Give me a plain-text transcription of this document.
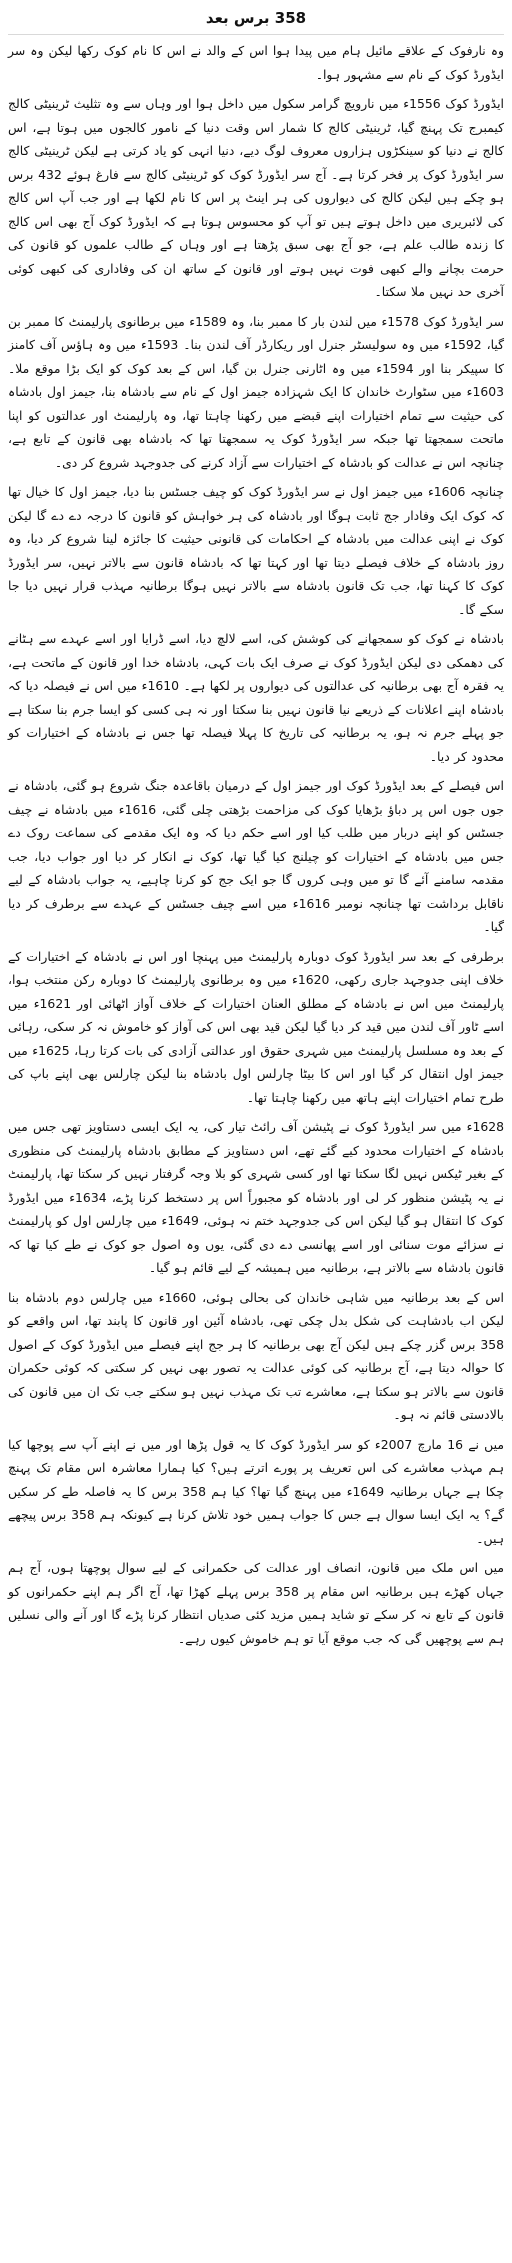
358 برس بعد

وہ نارفوک کے علاقے مائیل ہام میں پیدا ہوا اس کے والد نے اس کا نام کوک رکھا لیکن وہ سر ایڈورڈ کوک کے نام سے مشہور ہوا۔

ایڈورڈ کوک 1556ء میں نارویچ گرامر سکول میں داخل ہوا اور وہاں سے وہ تثلیث ٹرینیٹی کالج کیمبرج تک پہنچ گیا، ٹرینیٹی کالج کا شمار اس وقت دنیا کے نامور کالجوں میں ہوتا ہے، اس کالج نے دنیا کو سینکڑوں ہزاروں معروف لوگ دیے، دنیا انہی کو یاد کرتی ہے لیکن ٹرینیٹی کالج سر ایڈورڈ کوک پر فخر کرتا ہے۔ آج سر ایڈورڈ کوک کو ٹرینیٹی کالج سے فارغ ہوئے 432 برس ہو چکے ہیں لیکن کالج کی دیواروں کی ہر اینٹ پر اس کا نام لکھا ہے اور جب آپ اس کالج کی لائبریری میں داخل ہوتے ہیں تو آپ کو محسوس ہوتا ہے کہ ایڈورڈ کوک آج بھی اس کالج کا زندہ طالب علم ہے، جو آج بھی سبق پڑھتا ہے اور وہاں کے طالب علموں کو قانون کی حرمت بچانے والے کبھی فوت نہیں ہوتے اور قانون کے ساتھ ان کی وفاداری کی کبھی کوئی آخری حد نہیں ملا سکتا۔

سر ایڈورڈ کوک 1578ء میں لندن بار کا ممبر بنا، وہ 1589ء میں برطانوی پارلیمنٹ کا ممبر بن گیا، 1592ء میں وہ سولیسٹر جنرل اور ریکارڈر آف لندن بنا۔ 1593ء میں وہ ہاؤس آف کامنز کا سپیکر بنا اور 1594ء میں وہ اٹارنی جنرل بن گیا، اس کے بعد کوک کو ایک بڑا موقع ملا۔ 1603ء میں سٹوارٹ خاندان کا ایک شہزادہ جیمز اول کے نام سے بادشاہ بنا، جیمز اول بادشاہ کی حیثیت سے تمام اختیارات اپنے قبضے میں رکھنا چاہتا تھا، وہ پارلیمنٹ اور عدالتوں کو اپنا ماتحت سمجھتا تھا جبکہ سر ایڈورڈ کوک یہ سمجھتا تھا کہ بادشاہ بھی قانون کے تابع ہے، چنانچہ اس نے عدالت کو بادشاہ کے اختیارات سے آزاد کرنے کی جدوجہد شروع کر دی۔

چنانچہ 1606ء میں جیمز اول نے سر ایڈورڈ کوک کو چیف جسٹس بنا دیا، جیمز اول کا خیال تھا کہ کوک ایک وفادار جج ثابت ہوگا اور بادشاہ کی ہر خواہش کو قانون کا درجہ دے دے گا لیکن کوک نے اپنی عدالت میں بادشاہ کے احکامات کی قانونی حیثیت کا جائزہ لینا شروع کر دیا، وہ روز بادشاہ کے خلاف فیصلے دیتا تھا اور کہتا تھا کہ بادشاہ قانون سے بالاتر نہیں، سر ایڈورڈ کوک کا کہنا تھا، جب تک قانون بادشاہ سے بالاتر نہیں ہوگا برطانیہ مہذب قرار نہیں دیا جا سکے گا۔

بادشاہ نے کوک کو سمجھانے کی کوشش کی، اسے لالچ دیا، اسے ڈرایا اور اسے عہدے سے ہٹانے کی دھمکی دی لیکن ایڈورڈ کوک نے صرف ایک بات کہی، بادشاہ خدا اور قانون کے ماتحت ہے، یہ فقرہ آج بھی برطانیہ کی عدالتوں کی دیواروں پر لکھا ہے۔ 1610ء میں اس نے فیصلہ دیا کہ بادشاہ اپنے اعلانات کے ذریعے نیا قانون نہیں بنا سکتا اور نہ ہی کسی کو ایسا جرم بنا سکتا ہے جو پہلے جرم نہ ہو، یہ برطانیہ کی تاریخ کا پہلا فیصلہ تھا جس نے بادشاہ کے اختیارات کو محدود کر دیا۔

اس فیصلے کے بعد ایڈورڈ کوک اور جیمز اول کے درمیان باقاعدہ جنگ شروع ہو گئی، بادشاہ نے جوں جوں اس پر دباؤ بڑھایا کوک کی مزاحمت بڑھتی چلی گئی، 1616ء میں بادشاہ نے چیف جسٹس کو اپنے دربار میں طلب کیا اور اسے حکم دیا کہ وہ ایک مقدمے کی سماعت روک دے جس میں بادشاہ کے اختیارات کو چیلنج کیا گیا تھا، کوک نے انکار کر دیا اور جواب دیا، جب مقدمہ سامنے آئے گا تو میں وہی کروں گا جو ایک جج کو کرنا چاہیے، یہ جواب بادشاہ کے لیے ناقابل برداشت تھا چنانچہ نومبر 1616ء میں اسے چیف جسٹس کے عہدے سے برطرف کر دیا گیا۔

برطرفی کے بعد سر ایڈورڈ کوک دوبارہ پارلیمنٹ میں پہنچا اور اس نے بادشاہ کے اختیارات کے خلاف اپنی جدوجہد جاری رکھی، 1620ء میں وہ برطانوی پارلیمنٹ کا دوبارہ رکن منتخب ہوا، پارلیمنٹ میں اس نے بادشاہ کے مطلق العنان اختیارات کے خلاف آواز اٹھائی اور 1621ء میں اسے ٹاور آف لندن میں قید کر دیا گیا لیکن قید بھی اس کی آواز کو خاموش نہ کر سکی، رہائی کے بعد وہ مسلسل پارلیمنٹ میں شہری حقوق اور عدالتی آزادی کی بات کرتا رہا، 1625ء میں جیمز اول انتقال کر گیا اور اس کا بیٹا چارلس اول بادشاہ بنا لیکن چارلس بھی اپنے باپ کی طرح تمام اختیارات اپنے ہاتھ میں رکھنا چاہتا تھا۔

1628ء میں سر ایڈورڈ کوک نے پٹیشن آف رائٹ تیار کی، یہ ایک ایسی دستاویز تھی جس میں بادشاہ کے اختیارات محدود کیے گئے تھے، اس دستاویز کے مطابق بادشاہ پارلیمنٹ کی منظوری کے بغیر ٹیکس نہیں لگا سکتا تھا اور کسی شہری کو بلا وجہ گرفتار نہیں کر سکتا تھا، پارلیمنٹ نے یہ پٹیشن منظور کر لی اور بادشاہ کو مجبوراً اس پر دستخط کرنا پڑے، 1634ء میں ایڈورڈ کوک کا انتقال ہو گیا لیکن اس کی جدوجہد ختم نہ ہوئی، 1649ء میں چارلس اول کو پارلیمنٹ نے سزائے موت سنائی اور اسے پھانسی دے دی گئی، یوں وہ اصول جو کوک نے طے کیا تھا کہ قانون بادشاہ سے بالاتر ہے، برطانیہ میں ہمیشہ کے لیے قائم ہو گیا۔

اس کے بعد برطانیہ میں شاہی خاندان کی بحالی ہوئی، 1660ء میں چارلس دوم بادشاہ بنا لیکن اب بادشاہت کی شکل بدل چکی تھی، بادشاہ آئین اور قانون کا پابند تھا، اس واقعے کو 358 برس گزر چکے ہیں لیکن آج بھی برطانیہ کا ہر جج اپنے فیصلے میں ایڈورڈ کوک کے اصول کا حوالہ دیتا ہے، آج برطانیہ کی کوئی عدالت یہ تصور بھی نہیں کر سکتی کہ کوئی حکمران قانون سے بالاتر ہو سکتا ہے، معاشرے تب تک مہذب نہیں ہو سکتے جب تک ان میں قانون کی بالادستی قائم نہ ہو۔

میں نے 16 مارچ 2007ء کو سر ایڈورڈ کوک کا یہ قول پڑھا اور میں نے اپنے آپ سے پوچھا کیا ہم مہذب معاشرے کی اس تعریف پر پورے اترتے ہیں؟ کیا ہمارا معاشرہ اس مقام تک پہنچ چکا ہے جہاں برطانیہ 1649ء میں پہنچ گیا تھا؟ کیا ہم 358 برس کا یہ فاصلہ طے کر سکیں گے؟ یہ ایک ایسا سوال ہے جس کا جواب ہمیں خود تلاش کرنا ہے کیونکہ ہم 358 برس پیچھے ہیں۔

میں اس ملک میں قانون، انصاف اور عدالت کی حکمرانی کے لیے سوال پوچھتا ہوں، آج ہم جہاں کھڑے ہیں برطانیہ اس مقام پر 358 برس پہلے کھڑا تھا، آج اگر ہم اپنے حکمرانوں کو قانون کے تابع نہ کر سکے تو شاید ہمیں مزید کئی صدیاں انتظار کرنا پڑے گا اور آنے والی نسلیں ہم سے پوچھیں گی کہ جب موقع آیا تو ہم خاموش کیوں رہے۔
